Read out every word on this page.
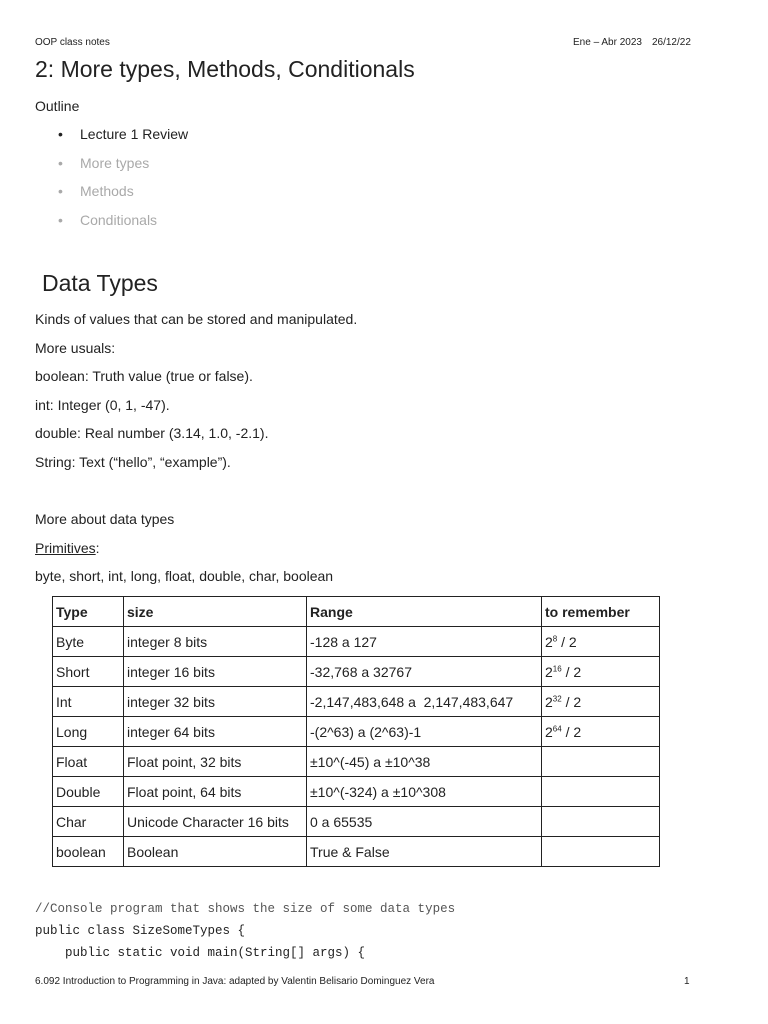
OOP class notes	Ene – Abr 2023 26/12/22
2: More types, Methods, Conditionals
Outline
• Lecture 1 Review
• More types
• Methods
• Conditionals
Data Types
Kinds of values that can be stored and manipulated.
More usuals:
boolean: Truth value (true or false).
int: Integer (0, 1, -47).
double: Real number (3.14, 1.0, -2.1).
String: Text (“hello”, “example”).
More about data types
Primitives:
byte, short, int, long, float, double, char, boolean
Type	size	Range	to remember
Byte	integer 8 bits	-128 a 127	$2^8 / 2$
Short	integer 16 bits	-32,768 a 32767	$2^{16} / 2$
Int	integer 32 bits	-2,147,483,648 a  2,147,483,647	$2^{32} / 2$
Long	integer 64 bits	-(2^63) a (2^63)-1	$2^{64} / 2$
Float	Float point, 32 bits	±10^(-45) a ±10^38	
Double	Float point, 64 bits	±10^(-324) a ±10^308	
Char	Unicode Character 16 bits	0 a 65535	
boolean	Boolean	True & False	
//Console program that shows the size of some data types
public class SizeSomeTypes {
public static void main(String[] args) {
6.092 Introduction to Programming in Java: adapted by Valentin Belisario Dominguez Vera	1
